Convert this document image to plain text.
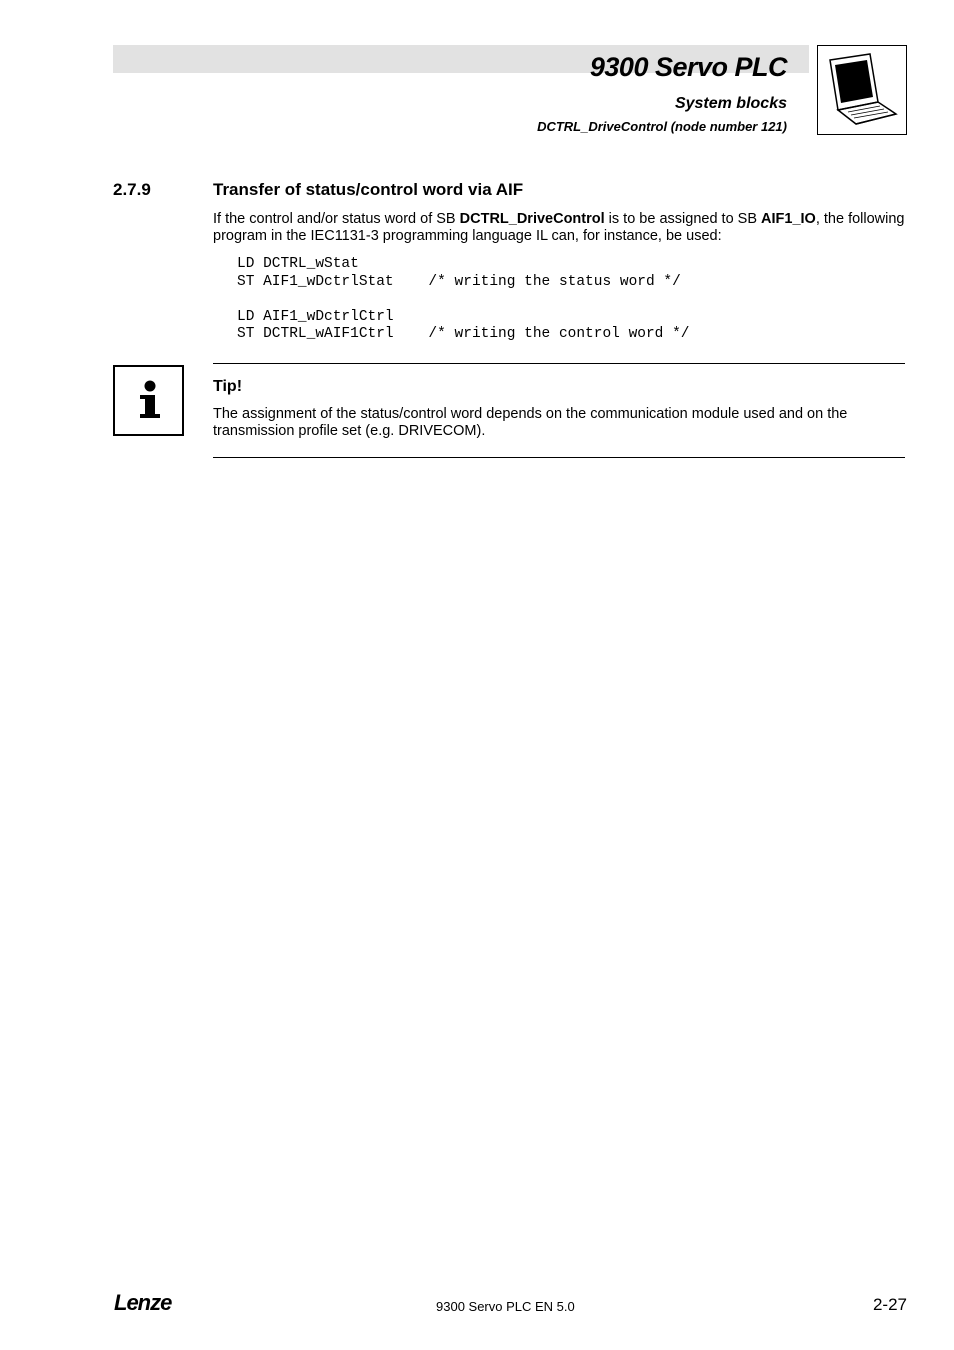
9300 Servo PLC
System blocks
DCTRL_DriveControl (node number 121)
2.7.9	Transfer of status/control word via AIF
If the control and/or status word of SB DCTRL_DriveControl is to be assigned to SB AIF1_IO, the following program in the IEC1131-3 programming language IL can, for instance, be used:
LD DCTRL_wStat
ST AIF1_wDctrlStat    /* writing the status word */

LD AIF1_wDctrlCtrl
ST DCTRL_wAIF1Ctrl    /* writing the control word */
Tip!
The assignment of the status/control word depends on the communication module used and on the transmission profile set (e.g. DRIVECOM).
Lenze	9300 Servo PLC EN 5.0	2-27
